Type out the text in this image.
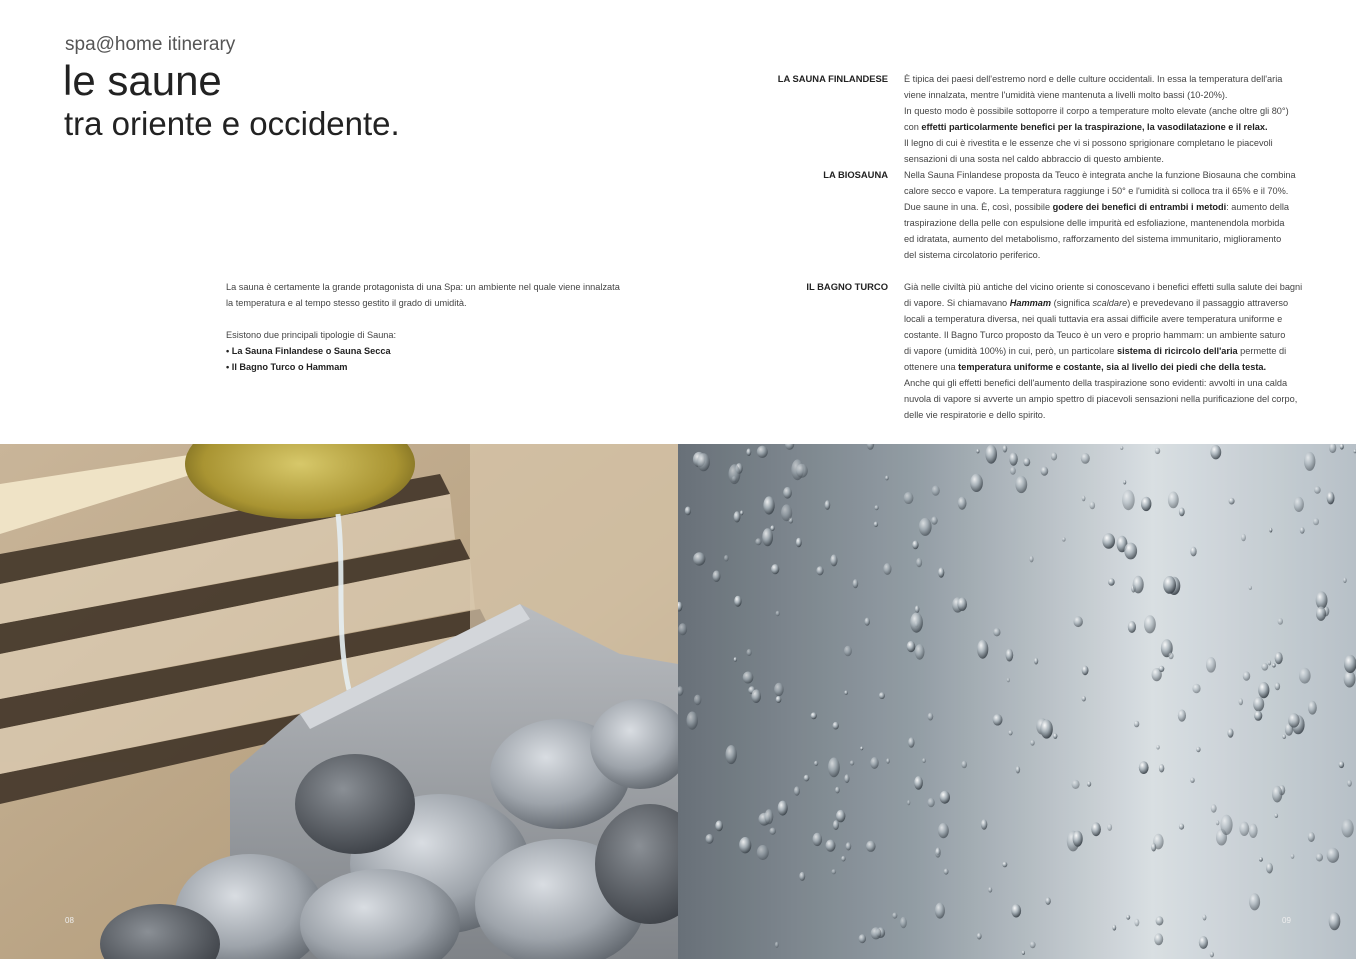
spa@home itinerary
le saune
tra oriente e occidente.

La sauna è certamente la grande protagonista di una Spa: un ambiente nel quale viene innalzata

la temperatura e al tempo stesso gestito il grado di umidità.

Esistono due principali tipologie di Sauna:

• La Sauna Finlandese o Sauna Secca

• Il Bagno Turco o Hammam

LA SAUNA FINLANDESE È tipica dei paesi dell'estremo nord e delle culture occidentali. In essa la temperatura dell'aria
viene innalzata, mentre l'umidità viene mantenuta a livelli molto bassi (10-20%).
In questo modo è possibile sottoporre il corpo a temperature molto elevate (anche oltre gli 80°)
con effetti particolarmente benefici per la traspirazione, la vasodilatazione e il relax.
Il legno di cui è rivestita e le essenze che vi si possono sprigionare completano le piacevoli
sensazioni di una sosta nel caldo abbraccio di questo ambiente.
LA BIOSAUNA Nella Sauna Finlandese proposta da Teuco è integrata anche la funzione Biosauna che combina
calore secco e vapore. La temperatura raggiunge i 50° e l'umidità si colloca tra il 65% e il 70%.
Due saune in una. È, così, possibile godere dei benefici di entrambi i metodi: aumento della
traspirazione della pelle con espulsione delle impurità ed esfoliazione, mantenendola morbida
ed idratata, aumento del metabolismo, rafforzamento del sistema immunitario, miglioramento
del sistema circolatorio periferico.
IL BAGNO TURCO Già nelle civiltà più antiche del vicino oriente si conoscevano i benefici effetti sulla salute dei bagni
di vapore. Si chiamavano Hammam (significa scaldare) e prevedevano il passaggio attraverso
locali a temperatura diversa, nei quali tuttavia era assai difficile avere temperatura uniforme e
costante. Il Bagno Turco proposto da Teuco è un vero e proprio hammam: un ambiente saturo
di vapore (umidità 100%) in cui, però, un particolare sistema di ricircolo dell'aria permette di
ottenere una temperatura uniforme e costante, sia al livello dei piedi che della testa.
Anche qui gli effetti benefici dell'aumento della traspirazione sono evidenti: avvolti in una calda
nuvola di vapore si avverte un ampio spettro di piacevoli sensazioni nella purificazione del corpo,
delle vie respiratorie e dello spirito.
08	09
